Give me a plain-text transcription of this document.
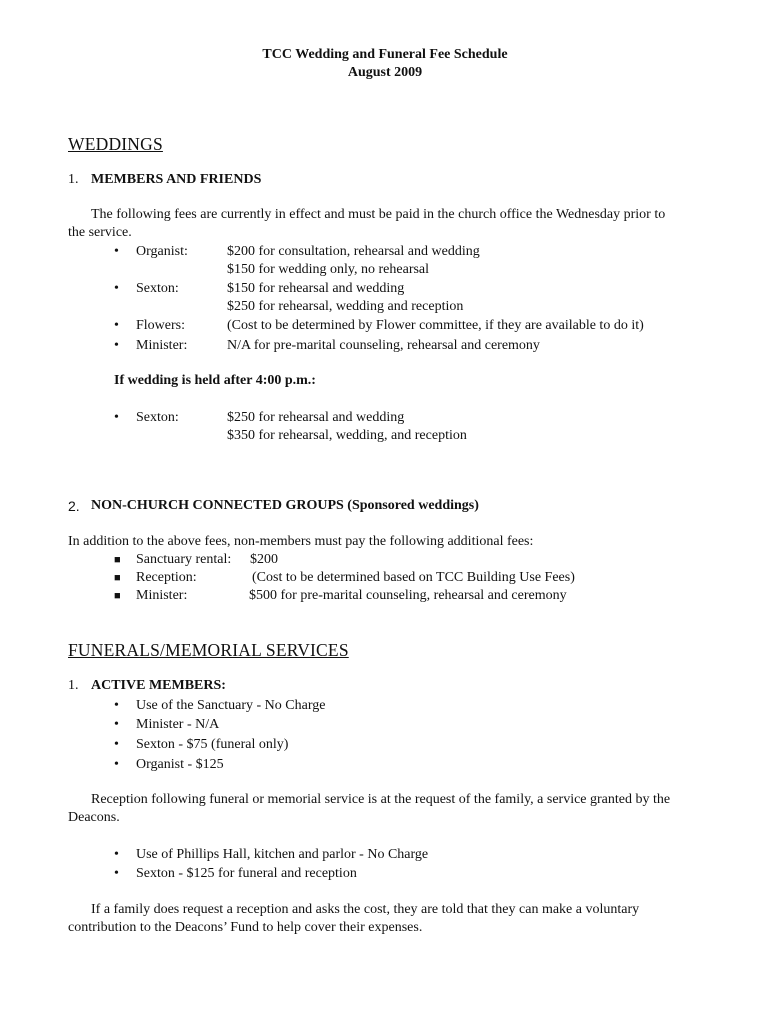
TCC Wedding and Funeral Fee Schedule
August 2009
WEDDINGS
1. MEMBERS AND FRIENDS
The following fees are currently in effect and must be paid in the church office the Wednesday prior to
the service.
• Organist:	$200 for consultation, rehearsal and wedding
$150 for wedding only, no rehearsal
• Sexton:	$150 for rehearsal and wedding
$250 for rehearsal, wedding and reception
• Flowers:	(Cost to be determined by Flower committee, if they are available to do it)
• Minister:	N/A for pre-marital counseling, rehearsal and ceremony
If wedding is held after 4:00 p.m.:
• Sexton:	$250 for rehearsal and wedding
$350 for rehearsal, wedding, and reception
2. NON-CHURCH CONNECTED GROUPS (Sponsored weddings)
In addition to the above fees, non-members must pay the following additional fees:
■ Sanctuary rental: $200
■ Reception:	(Cost to be determined based on TCC Building Use Fees)
■ Minister:	$500 for pre-marital counseling, rehearsal and ceremony
FUNERALS/MEMORIAL SERVICES
1. ACTIVE MEMBERS:
• Use of the Sanctuary - No Charge
• Minister - N/A
• Sexton - $75 (funeral only)
• Organist - $125
Reception following funeral or memorial service is at the request of the family, a service granted by the
Deacons.
• Use of Phillips Hall, kitchen and parlor - No Charge
• Sexton - $125 for funeral and reception
If a family does request a reception and asks the cost, they are told that they can make a voluntary
contribution to the Deacons’ Fund to help cover their expenses.
